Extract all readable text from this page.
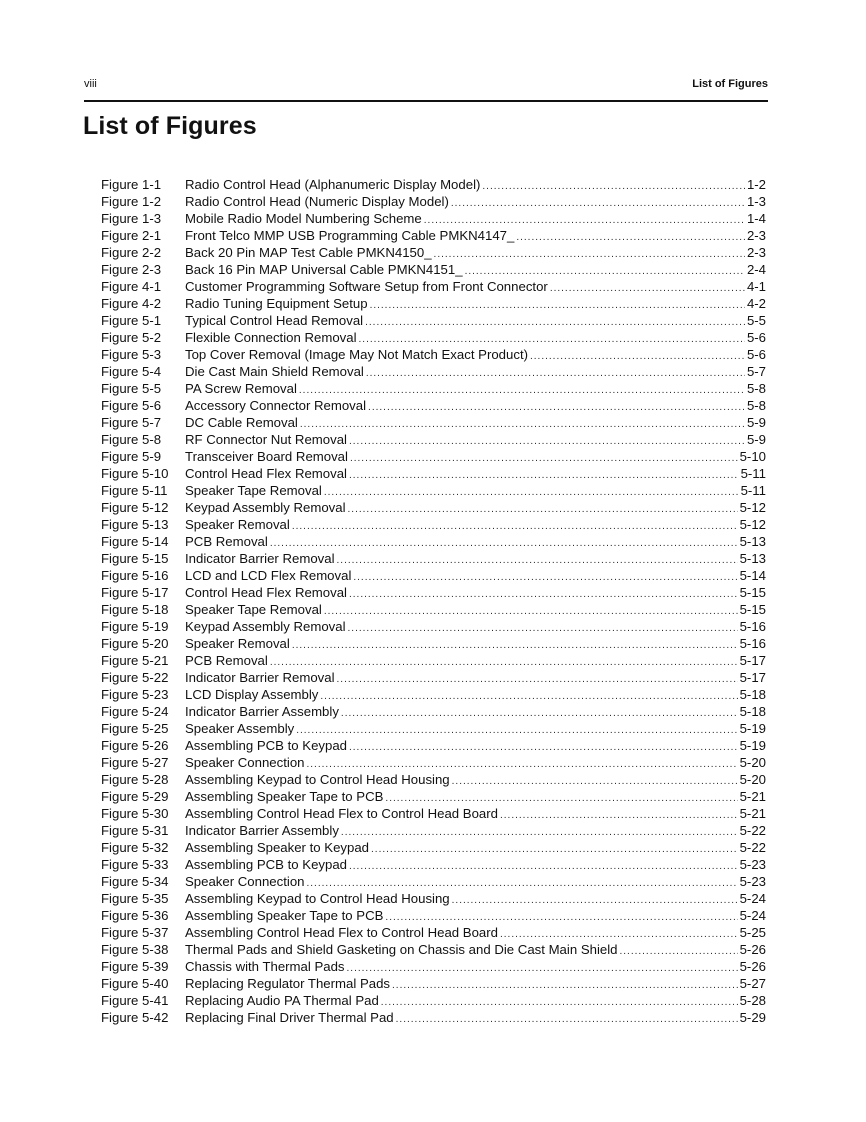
viii	List of Figures
List of Figures
Figure 1-1	Radio Control Head (Alphanumeric Display Model) .....	1-2
Figure 1-2	Radio Control Head (Numeric Display Model) .....	1-3
Figure 1-3	Mobile Radio Model Numbering Scheme .....	1-4
Figure 2-1	Front Telco MMP USB Programming Cable PMKN4147_ .....	2-3
Figure 2-2	Back 20 Pin MAP Test Cable PMKN4150_ .....	2-3
Figure 2-3	Back 16 Pin MAP Universal Cable PMKN4151_ .....	2-4
Figure 4-1	Customer Programming Software Setup from Front Connector .....	4-1
Figure 4-2	Radio Tuning Equipment Setup .....	4-2
Figure 5-1	Typical Control Head Removal .....	5-5
Figure 5-2	Flexible Connection Removal .....	5-6
Figure 5-3	Top Cover Removal (Image May Not Match Exact Product) .....	5-6
Figure 5-4	Die Cast Main Shield Removal .....	5-7
Figure 5-5	PA Screw Removal .....	5-8
Figure 5-6	Accessory Connector Removal .....	5-8
Figure 5-7	DC Cable Removal .....	5-9
Figure 5-8	RF Connector Nut Removal .....	5-9
Figure 5-9	Transceiver Board Removal .....	5-10
Figure 5-10	Control Head Flex Removal .....	5-11
Figure 5-11	Speaker Tape Removal .....	5-11
Figure 5-12	Keypad Assembly Removal .....	5-12
Figure 5-13	Speaker Removal .....	5-12
Figure 5-14	PCB Removal .....	5-13
Figure 5-15	Indicator Barrier Removal .....	5-13
Figure 5-16	LCD and LCD Flex Removal .....	5-14
Figure 5-17	Control Head Flex Removal .....	5-15
Figure 5-18	Speaker Tape Removal .....	5-15
Figure 5-19	Keypad Assembly Removal .....	5-16
Figure 5-20	Speaker Removal .....	5-16
Figure 5-21	PCB Removal .....	5-17
Figure 5-22	Indicator Barrier Removal .....	5-17
Figure 5-23	LCD Display Assembly .....	5-18
Figure 5-24	Indicator Barrier Assembly .....	5-18
Figure 5-25	Speaker Assembly .....	5-19
Figure 5-26	Assembling PCB to Keypad .....	5-19
Figure 5-27	Speaker Connection .....	5-20
Figure 5-28	Assembling Keypad to Control Head Housing .....	5-20
Figure 5-29	Assembling Speaker Tape to PCB .....	5-21
Figure 5-30	Assembling Control Head Flex to Control Head Board .....	5-21
Figure 5-31	Indicator Barrier Assembly .....	5-22
Figure 5-32	Assembling Speaker to Keypad .....	5-22
Figure 5-33	Assembling PCB to Keypad .....	5-23
Figure 5-34	Speaker Connection .....	5-23
Figure 5-35	Assembling Keypad to Control Head Housing .....	5-24
Figure 5-36	Assembling Speaker Tape to PCB .....	5-24
Figure 5-37	Assembling Control Head Flex to Control Head Board .....	5-25
Figure 5-38	Thermal Pads and Shield Gasketing on Chassis and Die Cast Main Shield .....	5-26
Figure 5-39	Chassis with Thermal Pads .....	5-26
Figure 5-40	Replacing Regulator Thermal Pads .....	5-27
Figure 5-41	Replacing Audio PA Thermal Pad .....	5-28
Figure 5-42	Replacing Final Driver Thermal Pad .....	5-29
